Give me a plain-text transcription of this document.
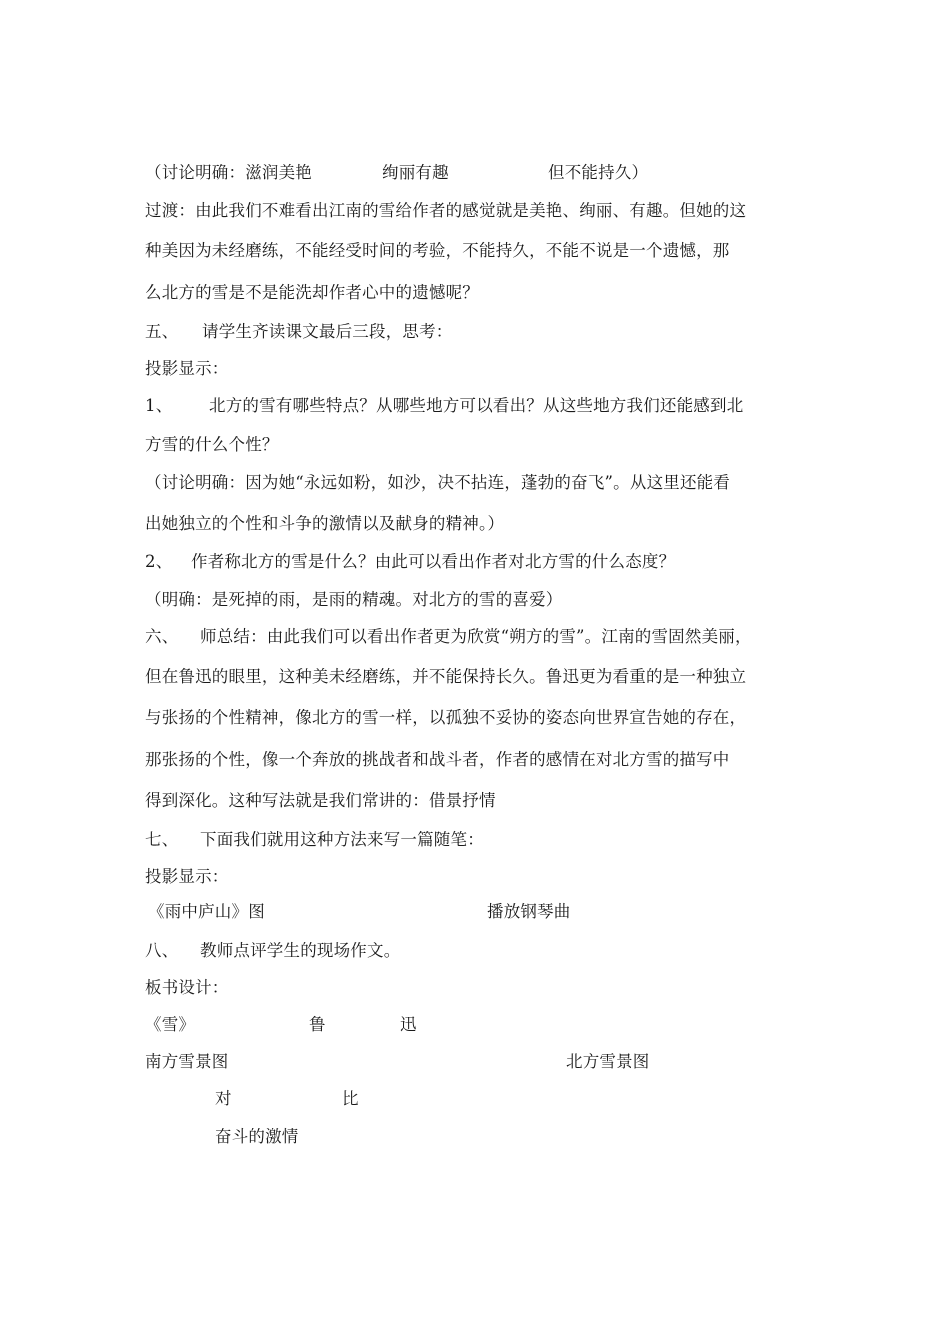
（讨论明确：滋润美艳	绚丽有趣	但不能持久）
过渡：由此我们不难看出江南的雪给作者的感觉就是美艳、绚丽、有趣。但她的这
种美因为未经磨练，不能经受时间的考验，不能持久，不能不说是一个遗憾，那
么北方的雪是不是能洗却作者心中的遗憾呢？
五、 请学生齐读课文最后三段，思考：
投影显示：
1、 北方的雪有哪些特点？从哪些地方可以看出？从这些地方我们还能感到北
方雪的什么个性？
（讨论明确：因为她“永远如粉，如沙，决不拈连，蓬勃的奋飞”。从这里还能看
出她独立的个性和斗争的激情以及献身的精神。）
2、 作者称北方的雪是什么？由此可以看出作者对北方雪的什么态度？
（明确：是死掉的雨，是雨的精魂。对北方的雪的喜爱）
六、 师总结：由此我们可以看出作者更为欣赏“朔方的雪”。江南的雪固然美丽，
但在鲁迅的眼里，这种美未经磨练，并不能保持长久。鲁迅更为看重的是一种独立
与张扬的个性精神，像北方的雪一样，以孤独不妥协的姿态向世界宣告她的存在，
那张扬的个性，像一个奔放的挑战者和战斗者，作者的感情在对北方雪的描写中
得到深化。这种写法就是我们常讲的：借景抒情
七、 下面我们就用这种方法来写一篇随笔：
投影显示：
《雨中庐山》图	播放钢琴曲
八、 教师点评学生的现场作文。
板书设计：
《雪》	鲁	迅
南方雪景图	北方雪景图
对	比
奋斗的激情
